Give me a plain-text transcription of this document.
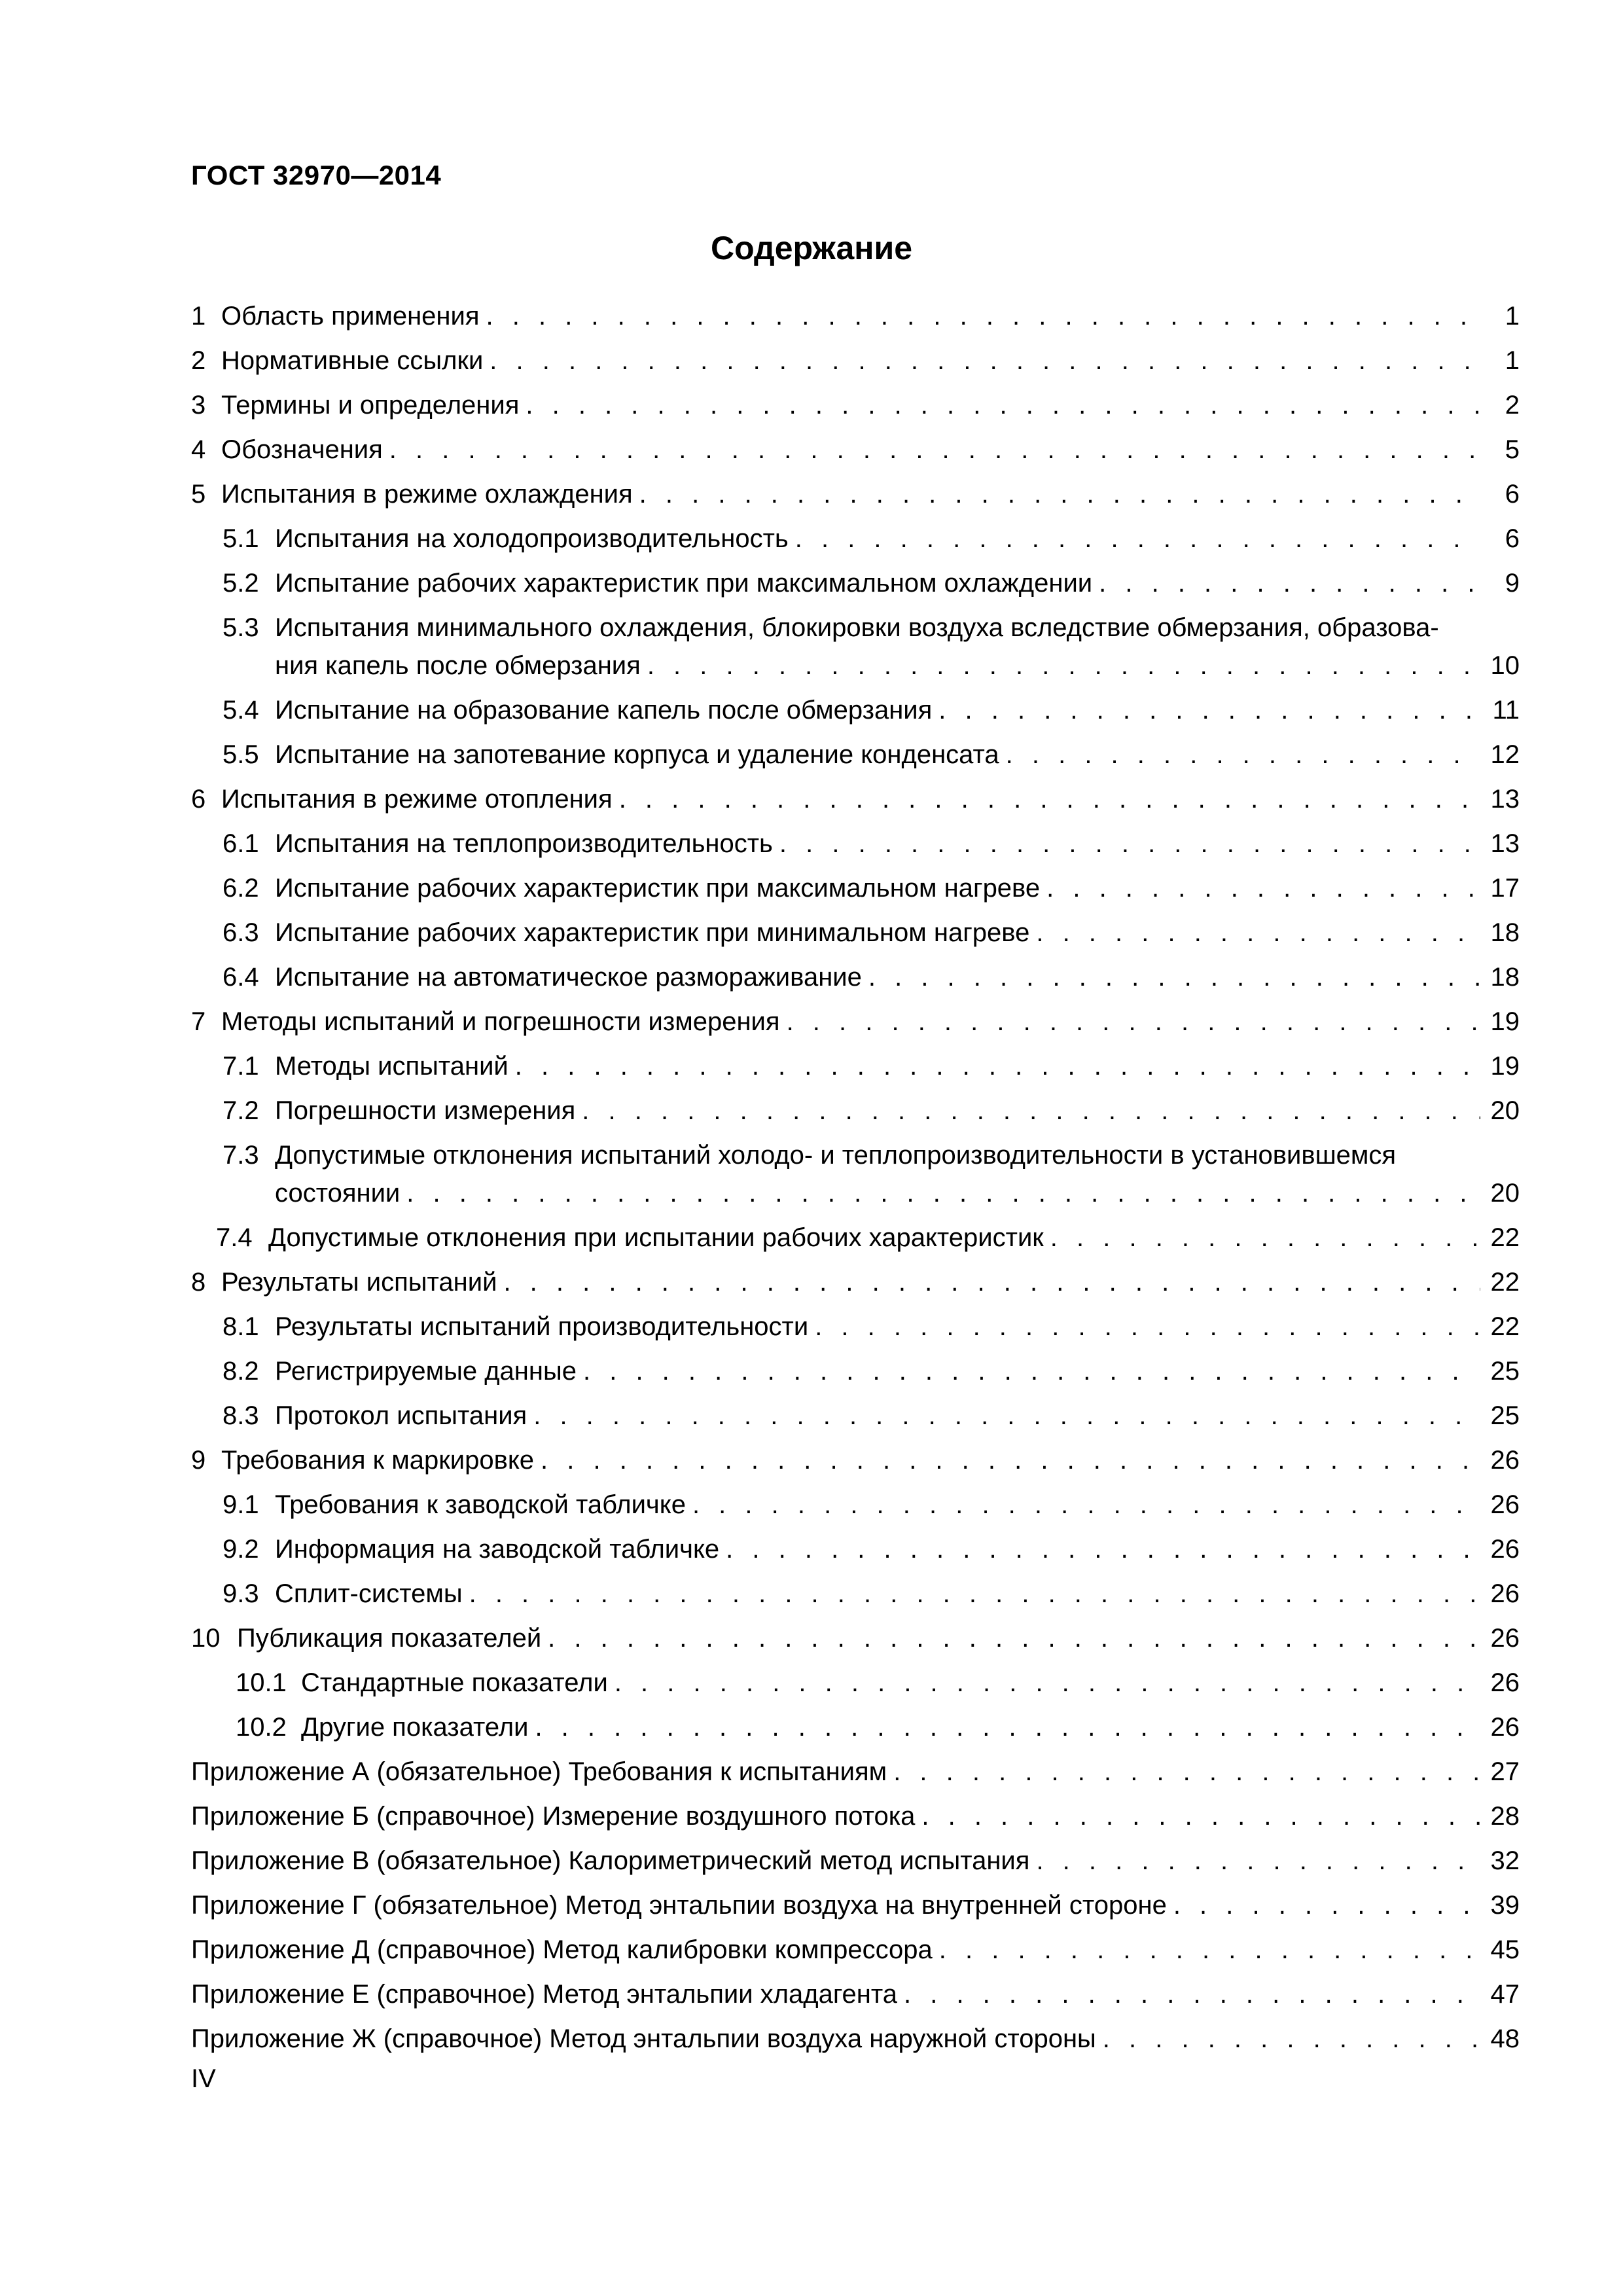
ГОСТ 32970—2014
Содержание
1 Область применения . . .	1
2 Нормативные ссылки . . .	1
3 Термины и определения . . .	2
4 Обозначения . . .	5
5 Испытания в режиме охлаждения . . .	6
5.1 Испытания на холодопроизводительность . . .	6
5.2 Испытание рабочих характеристик при максимальном охлаждении . . .	9
5.3 Испытания минимального охлаждения, блокировки воздуха вследствие обмерзания, образова-
ния капель после обмерзания . . .	10
5.4 Испытание на образование капель после обмерзания . . .	11
5.5 Испытание на запотевание корпуса и удаление конденсата . . .	12
6 Испытания в режиме отопления . . .	13
6.1 Испытания на теплопроизводительность . . .	13
6.2 Испытание рабочих характеристик при максимальном нагреве . . .	17
6.3 Испытание рабочих характеристик при минимальном нагреве . . .	18
6.4 Испытание на автоматическое размораживание . . .	18
7 Методы испытаний и погрешности измерения . . .	19
7.1 Методы испытаний . . .	19
7.2 Погрешности измерения . . .	20
7.3 Допустимые отклонения испытаний холодо- и теплопроизводительности в установившемся
состоянии . . .	20
7.4 Допустимые отклонения при испытании рабочих характеристик . . .	22
8 Результаты испытаний . . .	22
8.1 Результаты испытаний производительности . . .	22
8.2 Регистрируемые данные . . .	25
8.3 Протокол испытания . . .	25
9 Требования к маркировке . . .	26
9.1 Требования к заводской табличке . . .	26
9.2 Информация на заводской табличке . . .	26
9.3 Сплит-системы . . .	26
10 Публикация показателей . . .	26
10.1 Стандартные показатели . . .	26
10.2 Другие показатели . . .	26
Приложение А (обязательное) Требования к испытаниям . . .	27
Приложение Б (справочное) Измерение воздушного потока . . .	28
Приложение В (обязательное) Калориметрический метод испытания . . .	32
Приложение Г (обязательное) Метод энтальпии воздуха на внутренней стороне . . .	39
Приложение Д (справочное) Метод калибровки компрессора . . .	45
Приложение Е (справочное) Метод энтальпии хладагента . . .	47
Приложение Ж (справочное) Метод энтальпии воздуха наружной стороны . . .	48
IV
